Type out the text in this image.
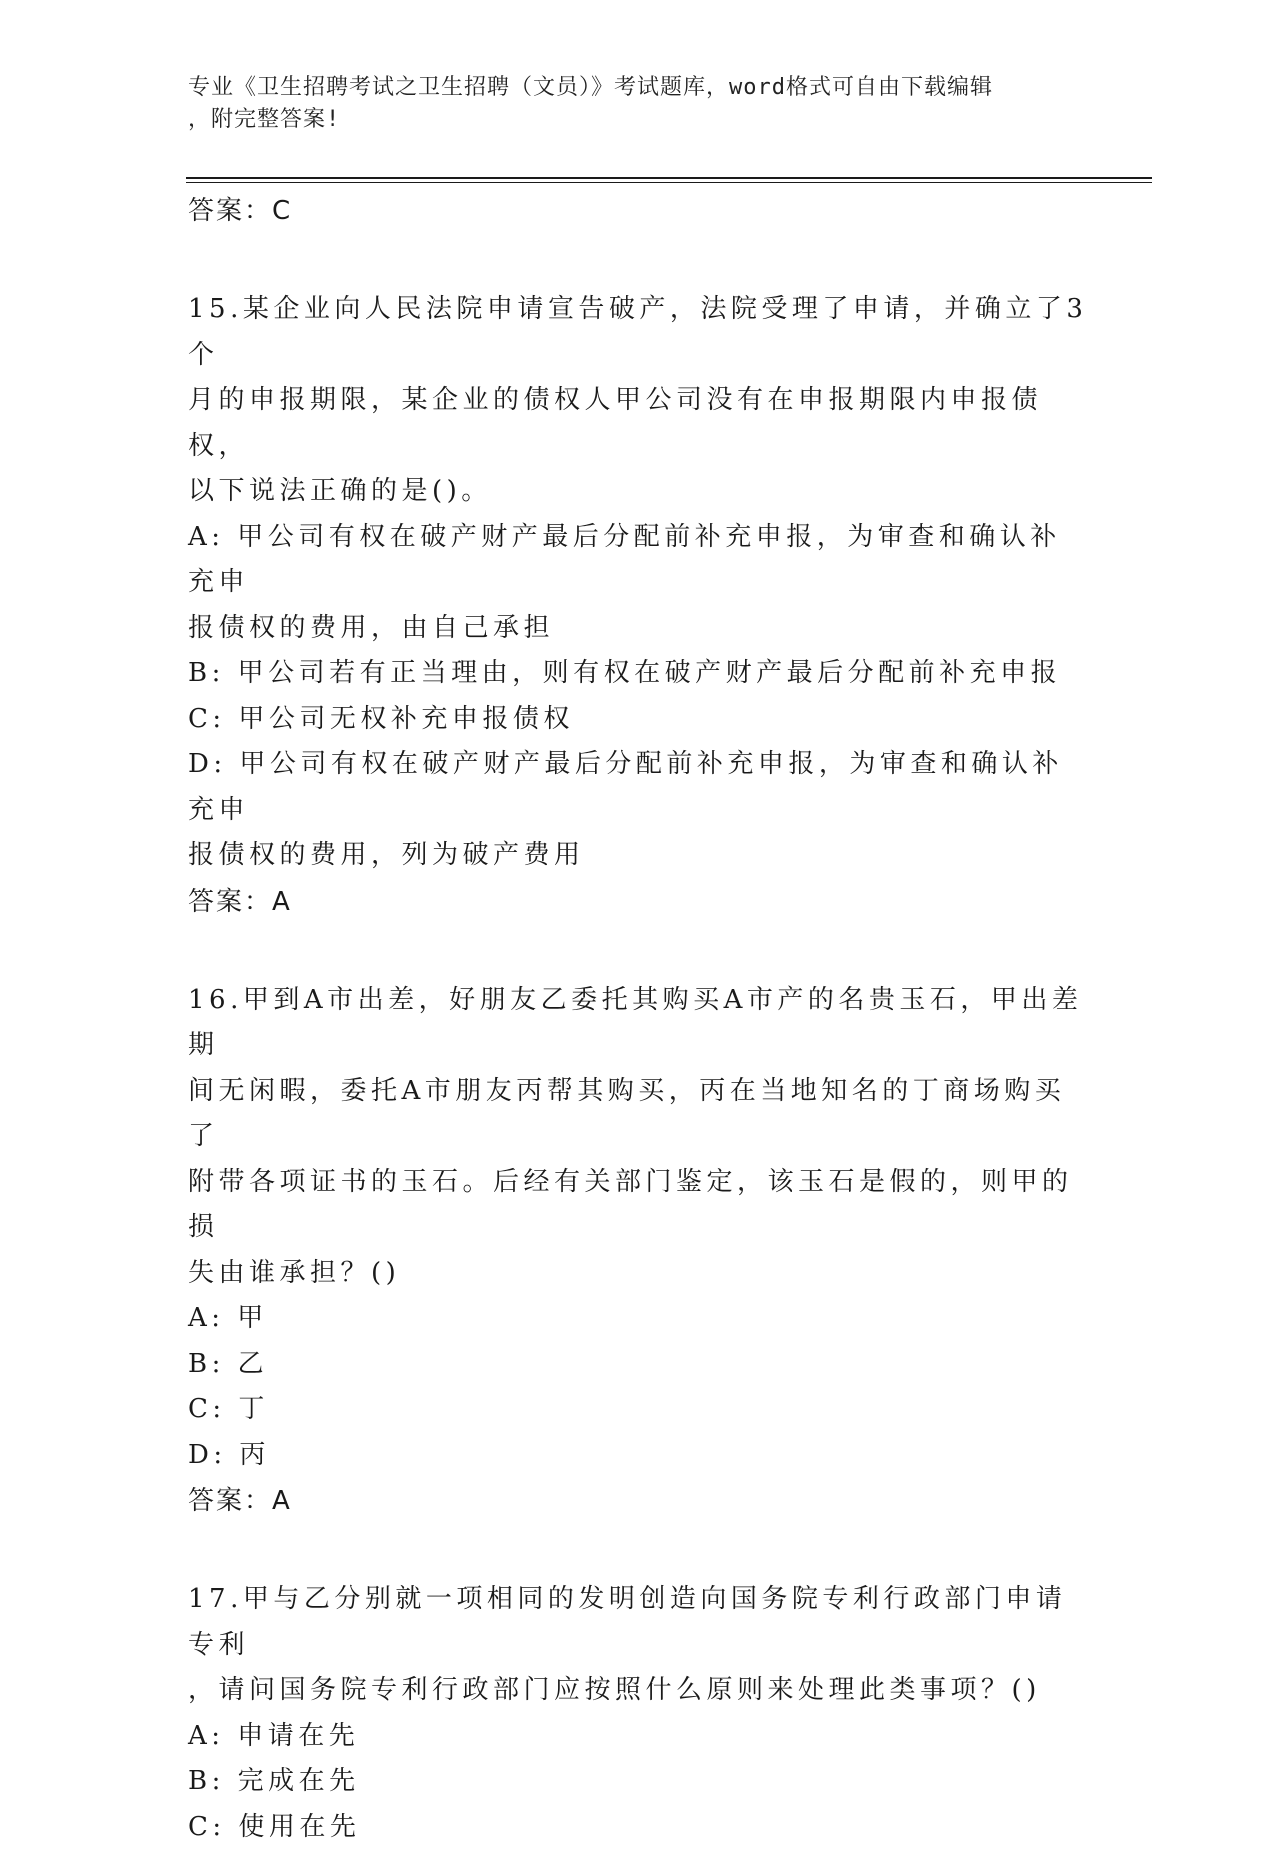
专业《卫生招聘考试之卫生招聘（文员）》考试题库，word格式可自由下载编辑
，附完整答案!

答案：C

15.某企业向人民法院申请宣告破产，法院受理了申请，并确立了3个

月的申报期限，某企业的债权人甲公司没有在申报期限内申报债权，

以下说法正确的是()。

A: 甲公司有权在破产财产最后分配前补充申报，为审查和确认补充申

报债权的费用，由自己承担

B: 甲公司若有正当理由，则有权在破产财产最后分配前补充申报

C: 甲公司无权补充申报债权

D: 甲公司有权在破产财产最后分配前补充申报，为审查和确认补充申

报债权的费用，列为破产费用

答案：A

16.甲到A市出差，好朋友乙委托其购买A市产的名贵玉石，甲出差期

间无闲暇，委托A市朋友丙帮其购买，丙在当地知名的丁商场购买了

附带各项证书的玉石。后经有关部门鉴定，该玉石是假的，则甲的损

失由谁承担？()

A: 甲

B: 乙

C: 丁

D: 丙

答案：A

17.甲与乙分别就一项相同的发明创造向国务院专利行政部门申请专利

，请问国务院专利行政部门应按照什么原则来处理此类事项？()

A: 申请在先

B: 完成在先

C: 使用在先
